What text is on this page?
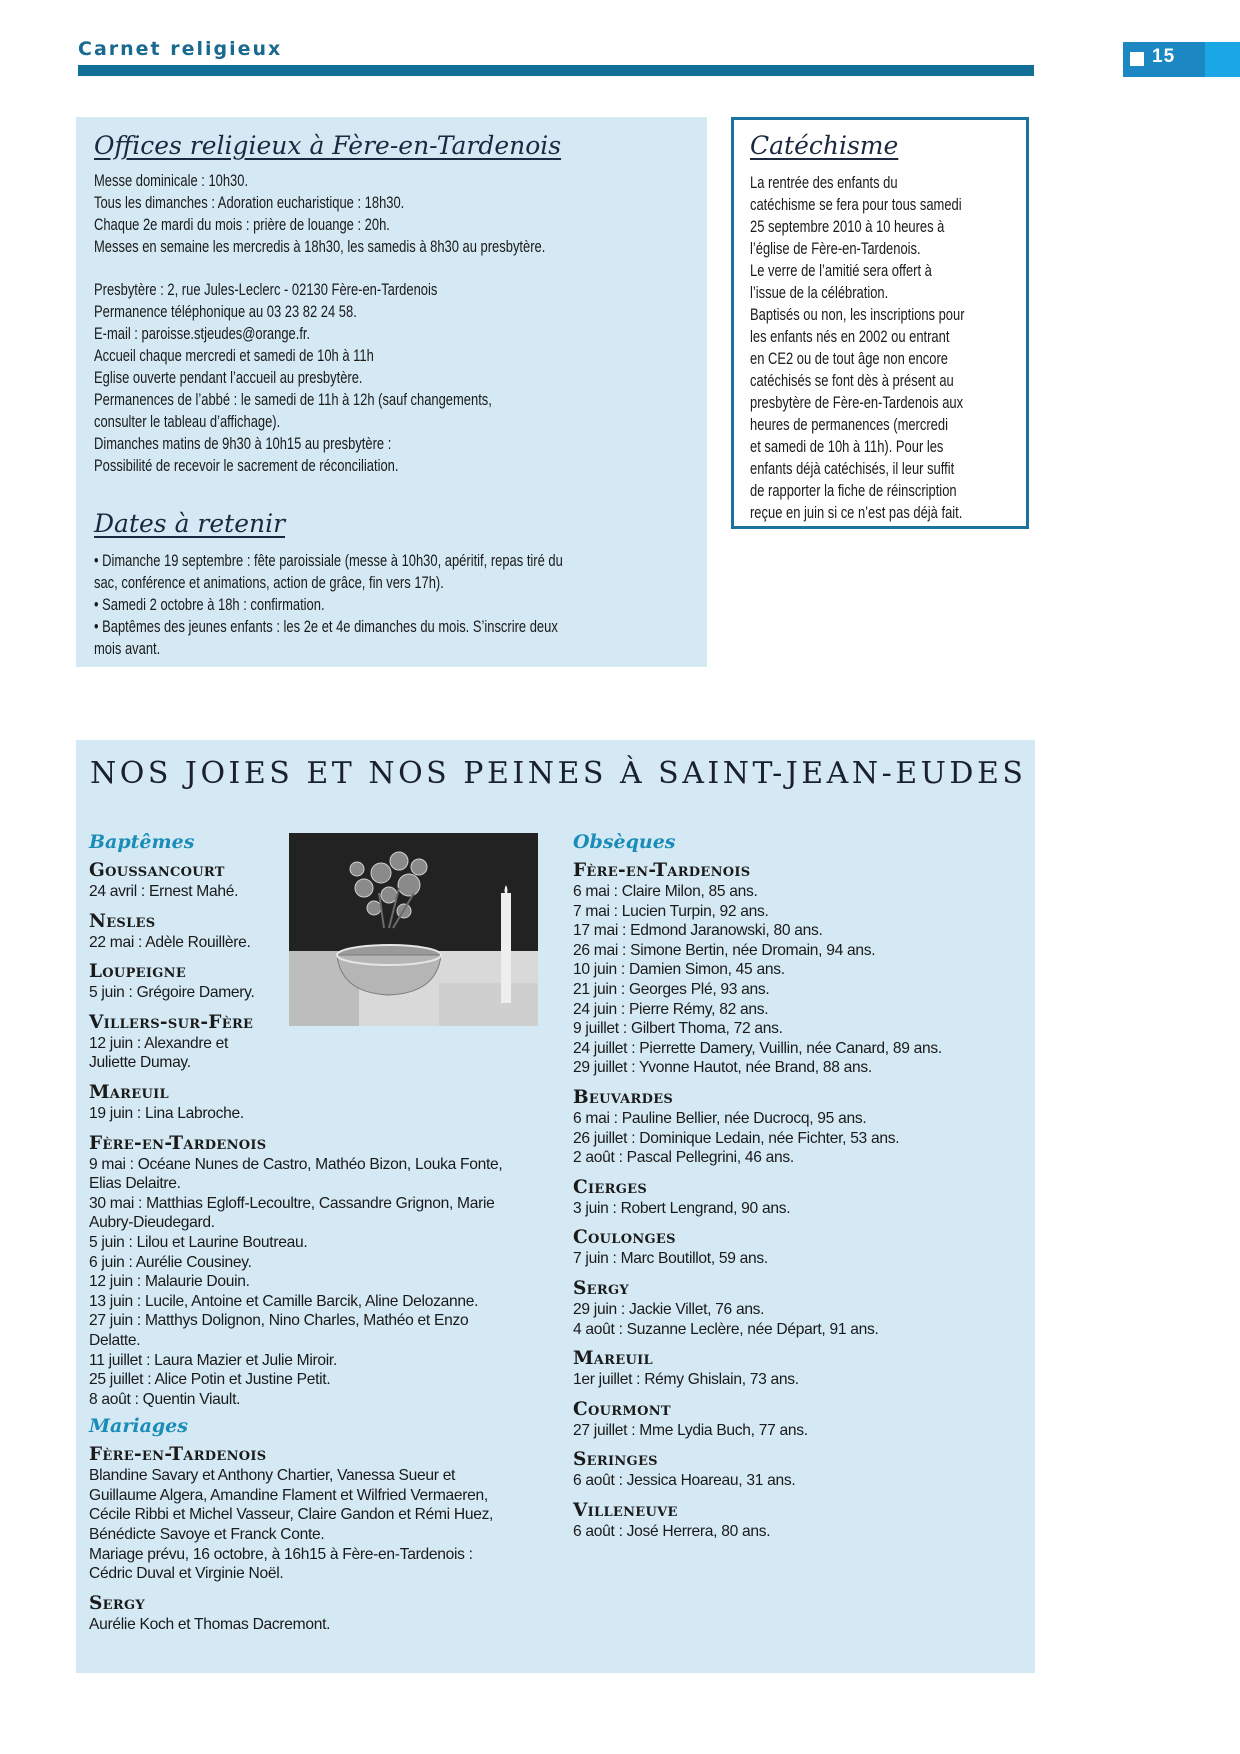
Carnet religieux	15
Offices religieux à Fère-en-Tardenois

Messe dominicale : 10h30.

Tous les dimanches : Adoration eucharistique : 18h30.

Chaque 2e mardi du mois : prière de louange : 20h.

Messes en semaine les mercredis à 18h30, les samedis à 8h30 au presbytère.

Presbytère : 2, rue Jules-Leclerc - 02130 Fère-en-Tardenois

Permanence téléphonique au 03 23 82 24 58.

E-mail : paroisse.stjeudes@orange.fr.

Accueil chaque mercredi et samedi de 10h à 11h

Eglise ouverte pendant l’accueil au presbytère.

Permanences de l’abbé : le samedi de 11h à 12h (sauf changements,

consulter le tableau d’affichage).

Dimanches matins de 9h30 à 10h15 au presbytère :

Possibilité de recevoir le sacrement de réconciliation.

Dates à retenir

• Dimanche 19 septembre : fête paroissiale (messe à 10h30, apéritif, repas tiré du

sac, conférence et animations, action de grâce, fin vers 17h).

• Samedi 2 octobre à 18h : confirmation.

• Baptêmes des jeunes enfants : les 2e et 4e dimanches du mois. S’inscrire deux

mois avant.

Catéchisme

La rentrée des enfants du

catéchisme se fera pour tous samedi

25 septembre 2010 à 10 heures à

l’église de Fère-en-Tardenois.

Le verre de l’amitié sera offert à

l’issue de la célébration.

Baptisés ou non, les inscriptions pour

les enfants nés en 2002 ou entrant

en CE2 ou de tout âge non encore

catéchisés se font dès à présent au

presbytère de Fère-en-Tardenois aux

heures de permanences (mercredi

et samedi de 10h à 11h). Pour les

enfants déjà catéchisés, il leur suffit

de rapporter la fiche de réinscription

reçue en juin si ce n’est pas déjà fait.

NOS JOIES ET NOS PEINES À SAINT-JEAN-EUDES
Baptêmes

Goussancourt

24 avril : Ernest Mahé.

Nesles

22 mai : Adèle Rouillère.

Loupeigne

5 juin : Grégoire Damery.

Villers-sur-Fère

12 juin : Alexandre et

Juliette Dumay.

Mareuil

19 juin : Lina Labroche.

Fère-en-Tardenois

9 mai : Océane Nunes de Castro, Mathéo Bizon, Louka Fonte,

Elias Delaitre.

30 mai : Matthias Egloff-Lecoultre, Cassandre Grignon, Marie

Aubry-Dieudegard.

5 juin : Lilou et Laurine Boutreau.

6 juin : Aurélie Cousiney.

12 juin : Malaurie Douin.

13 juin : Lucile, Antoine et Camille Barcik, Aline Delozanne.

27 juin : Matthys Dolignon, Nino Charles, Mathéo et Enzo

Delatte.

11 juillet : Laura Mazier et Julie Miroir.

25 juillet : Alice Potin et Justine Petit.

8 août : Quentin Viault.

Mariages

Fère-en-Tardenois

Blandine Savary et Anthony Chartier, Vanessa Sueur et

Guillaume Algera, Amandine Flament et Wilfried Vermaeren,

Cécile Ribbi et Michel Vasseur, Claire Gandon et Rémi Huez,

Bénédicte Savoye et Franck Conte.

Mariage prévu, 16 octobre, à 16h15 à Fère-en-Tardenois :

Cédric Duval et Virginie Noël.

Sergy

Aurélie Koch et Thomas Dacremont.

Obsèques

Fère-en-Tardenois

6 mai : Claire Milon, 85 ans.

7 mai : Lucien Turpin, 92 ans.

17 mai : Edmond Jaranowski, 80 ans.

26 mai : Simone Bertin, née Dromain, 94 ans.

10 juin : Damien Simon, 45 ans.

21 juin : Georges Plé, 93 ans.

24 juin : Pierre Rémy, 82 ans.

9 juillet : Gilbert Thoma, 72 ans.

24 juillet : Pierrette Damery, Vuillin, née Canard, 89 ans.

29 juillet : Yvonne Hautot, née Brand, 88 ans.

Beuvardes

6 mai : Pauline Bellier, née Ducrocq, 95 ans.

26 juillet : Dominique Ledain, née Fichter, 53 ans.

2 août : Pascal Pellegrini, 46 ans.

Cierges

3 juin : Robert Lengrand, 90 ans.

Coulonges

7 juin : Marc Boutillot, 59 ans.

Sergy

29 juin : Jackie Villet, 76 ans.

4 août : Suzanne Leclère, née Départ, 91 ans.

Mareuil

1er juillet : Rémy Ghislain, 73 ans.

Courmont

27 juillet : Mme Lydia Buch, 77 ans.

Seringes

6 août : Jessica Hoareau, 31 ans.

Villeneuve

6 août : José Herrera, 80 ans.
